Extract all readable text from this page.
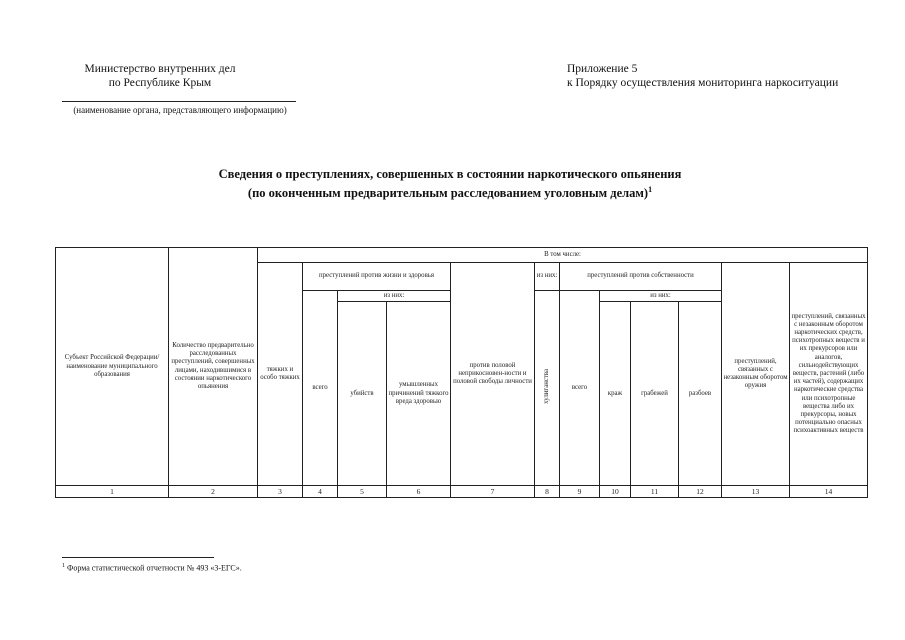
Министерство внутренних дел
по Республике Крым
(наименование органа, представляющего информацию)
Приложение 5
к Порядку осуществления мониторинга наркоситуации
Сведения о преступлениях, совершенных в состоянии наркотического опьянения
(по оконченным предварительным расследованием уголовным делам)$^1$
Субъект Российской Федерации/ наименование муниципального образования	Количество предварительно расследованных преступлений, совершенных лицами, находившимися в состоянии наркотического опьянения	В том числе:											
		тяжких и особо тяжких	преступлений против жизни и здоровья			против половой неприкосновен-ности и половой свободы личности	из них:	преступлений против собственности				преступлений, связанных с незаконным оборотом оружия	преступлений, связанных с незаконным оборотом наркотических средств, психотропных веществ и их прекурсоров или аналогов, сильнодействующих веществ, растений (либо их частей), содержащих наркотические средства или психотропные вещества либо их прекурсоры, новых потенциально опасных психоактивных веществ
			всего	из них:			хулиганства	всего	из них:				
				убийств	умышленных причинений тяжкого вреда здоровью				краж	грабежей	разбоев		
1	2	3	4	5	6	7	8	9	10	11	12	13	14
$^1$ Форма статистической отчетности № 493 «3-ЕГС».
